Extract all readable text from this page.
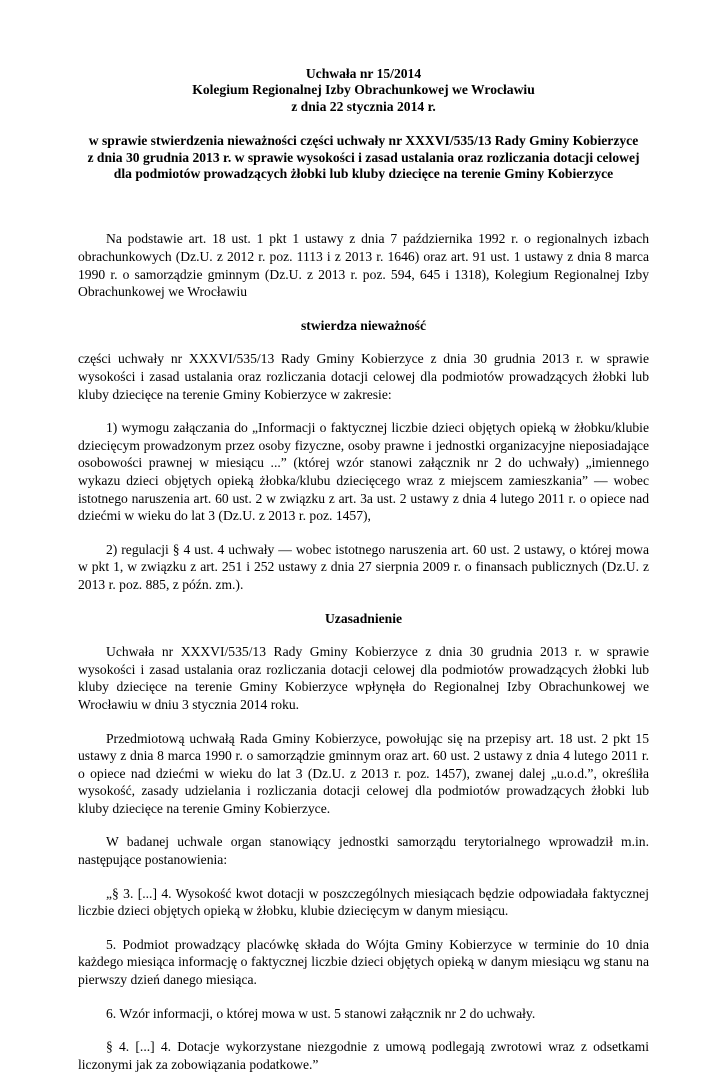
Uchwała nr 15/2014
Kolegium Regionalnej Izby Obrachunkowej we Wrocławiu
z dnia 22 stycznia 2014 r.
w sprawie stwierdzenia nieważności części uchwały nr XXXVI/535/13 Rady Gminy Kobierzyce
z dnia 30 grudnia 2013 r. w sprawie wysokości i zasad ustalania oraz rozliczania dotacji celowej
dla podmiotów prowadzących żłobki lub kluby dziecięce na terenie Gminy Kobierzyce

Na podstawie art. 18 ust. 1 pkt 1 ustawy z dnia 7 października 1992 r. o regionalnych izbach obrachunkowych (Dz.U. z 2012 r. poz. 1113 i z 2013 r. 1646) oraz art. 91 ust. 1 ustawy z dnia 8 marca 1990 r. o samorządzie gminnym (Dz.U. z 2013 r. poz. 594, 645 i 1318), Kolegium Regionalnej Izby Obrachunkowej we Wrocławiu

stwierdza nieważność

części uchwały nr XXXVI/535/13 Rady Gminy Kobierzyce z dnia 30 grudnia 2013 r. w sprawie wysokości i zasad ustalania oraz rozliczania dotacji celowej dla podmiotów prowadzących żłobki lub kluby dziecięce na terenie Gminy Kobierzyce w zakresie:

1) wymogu załączania do „Informacji o faktycznej liczbie dzieci objętych opieką w żłobku/klubie dziecięcym prowadzonym przez osoby fizyczne, osoby prawne i jednostki organizacyjne nieposiadające osobowości prawnej w miesiącu ...” (której wzór stanowi załącznik nr 2 do uchwały) „imiennego wykazu dzieci objętych opieką żłobka/klubu dziecięcego wraz z miejscem zamieszkania” — wobec istotnego naruszenia art. 60 ust. 2 w związku z art. 3a ust. 2 ustawy z dnia 4 lutego 2011 r. o opiece nad dziećmi w wieku do lat 3 (Dz.U. z 2013 r. poz. 1457),

2) regulacji § 4 ust. 4 uchwały — wobec istotnego naruszenia art. 60 ust. 2 ustawy, o której mowa w pkt 1, w związku z art. 251 i 252 ustawy z dnia 27 sierpnia 2009 r. o finansach publicznych (Dz.U. z 2013 r. poz. 885, z późn. zm.).

Uzasadnienie

Uchwała nr XXXVI/535/13 Rady Gminy Kobierzyce z dnia 30 grudnia 2013 r. w sprawie wysokości i zasad ustalania oraz rozliczania dotacji celowej dla podmiotów prowadzących żłobki lub kluby dziecięce na terenie Gminy Kobierzyce wpłynęła do Regionalnej Izby Obrachunkowej we Wrocławiu w dniu 3 stycznia 2014 roku.

Przedmiotową uchwałą Rada Gminy Kobierzyce, powołując się na przepisy art. 18 ust. 2 pkt 15 ustawy z dnia 8 marca 1990 r. o samorządzie gminnym oraz art. 60 ust. 2 ustawy z dnia 4 lutego 2011 r. o opiece nad dziećmi w wieku do lat 3 (Dz.U. z 2013 r. poz. 1457), zwanej dalej „u.o.d.”, określiła wysokość, zasady udzielania i rozliczania dotacji celowej dla podmiotów prowadzących żłobki lub kluby dziecięce na terenie Gminy Kobierzyce.

W badanej uchwale organ stanowiący jednostki samorządu terytorialnego wprowadził m.in. następujące postanowienia:

„§ 3. [...] 4. Wysokość kwot dotacji w poszczególnych miesiącach będzie odpowiadała faktycznej liczbie dzieci objętych opieką w żłobku, klubie dziecięcym w danym miesiącu.

5. Podmiot prowadzący placówkę składa do Wójta Gminy Kobierzyce w terminie do 10 dnia każdego miesiąca informację o faktycznej liczbie dzieci objętych opieką w danym miesiącu wg stanu na pierwszy dzień danego miesiąca.

6. Wzór informacji, o której mowa w ust. 5 stanowi załącznik nr 2 do uchwały.

§ 4. [...] 4. Dotacje wykorzystane niezgodnie z umową podlegają zwrotowi wraz z odsetkami liczonymi jak za zobowiązania podatkowe.”
